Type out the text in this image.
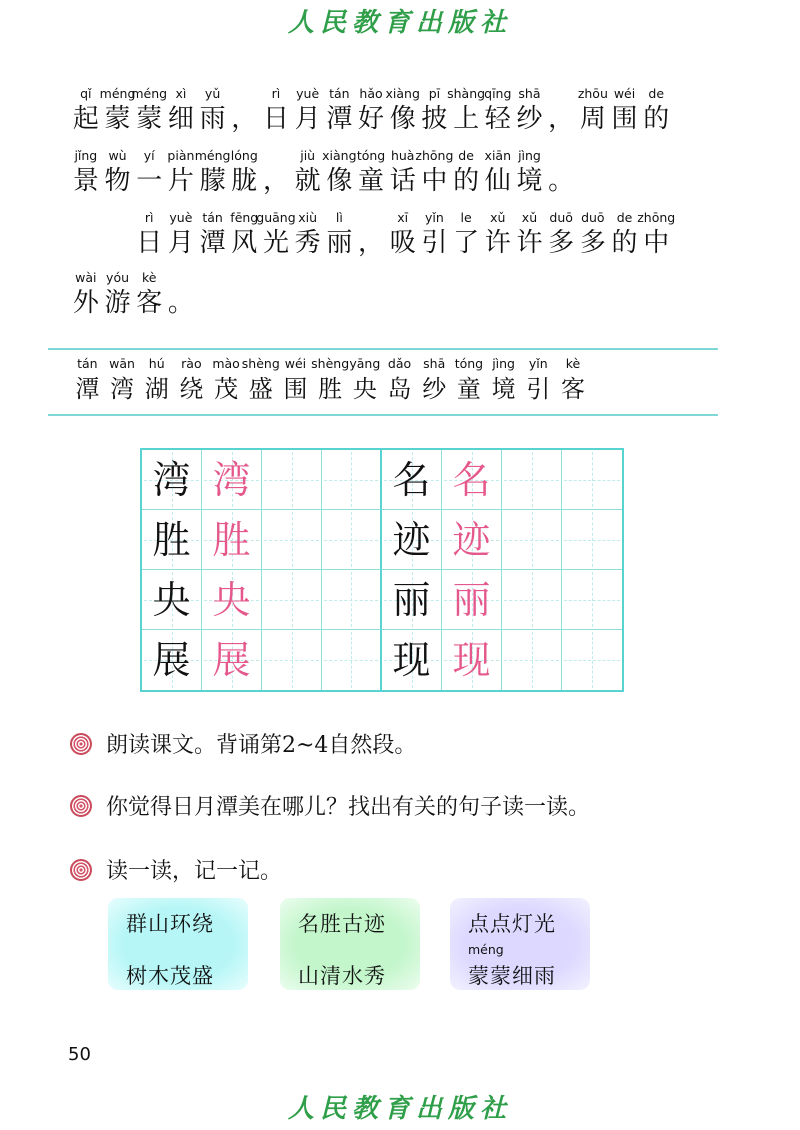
人民教育出版社
tán
潭
wān
湾
hú
湖
rào
绕
mào
茂
shèng
盛
wéi
围
shèng
胜
yāng
央
dǎo
岛
shā
纱
tóng
童
jìng
境
yǐn
引
kè
客
湾 湾	名 名
胜 胜	迹 迹
央 央	丽 丽
展 展	现 现
朗读课文。背诵第2~4自然段。
你觉得日月潭美在哪儿？找出有关的句子读一读。
读一读，记一记。
群山环绕
树木茂盛
名胜古迹
山清水秀
点点灯光
méng
蒙蒙细雨
50
人民教育出版社
qǐ
起
méng
蒙
méng
蒙
xì
细
yǔ
雨 ，
rì
日
yuè
月
tán
潭
hǎo
好
xiàng
像
pī
披
shàng
上
qīng
轻
shā
纱 ，
zhōu
周
wéi
围
de
的
jǐng
景
wù
物
yí
一
piàn
片
méng
朦
lóng
胧 ，
jiù
就
xiàng
像
tóng
童
huà
话
zhōng
中
de
的
xiān
仙
jìng
境 。
rì
日
yuè
月
tán
潭
fēng
风
guāng
光
xiù
秀
lì
丽 ，
xī
吸
yǐn
引
le
了
xǔ
许
xǔ
许
duō
多
duō
多
de
的
zhōng
中
wài
外
yóu
游
kè
客 。
